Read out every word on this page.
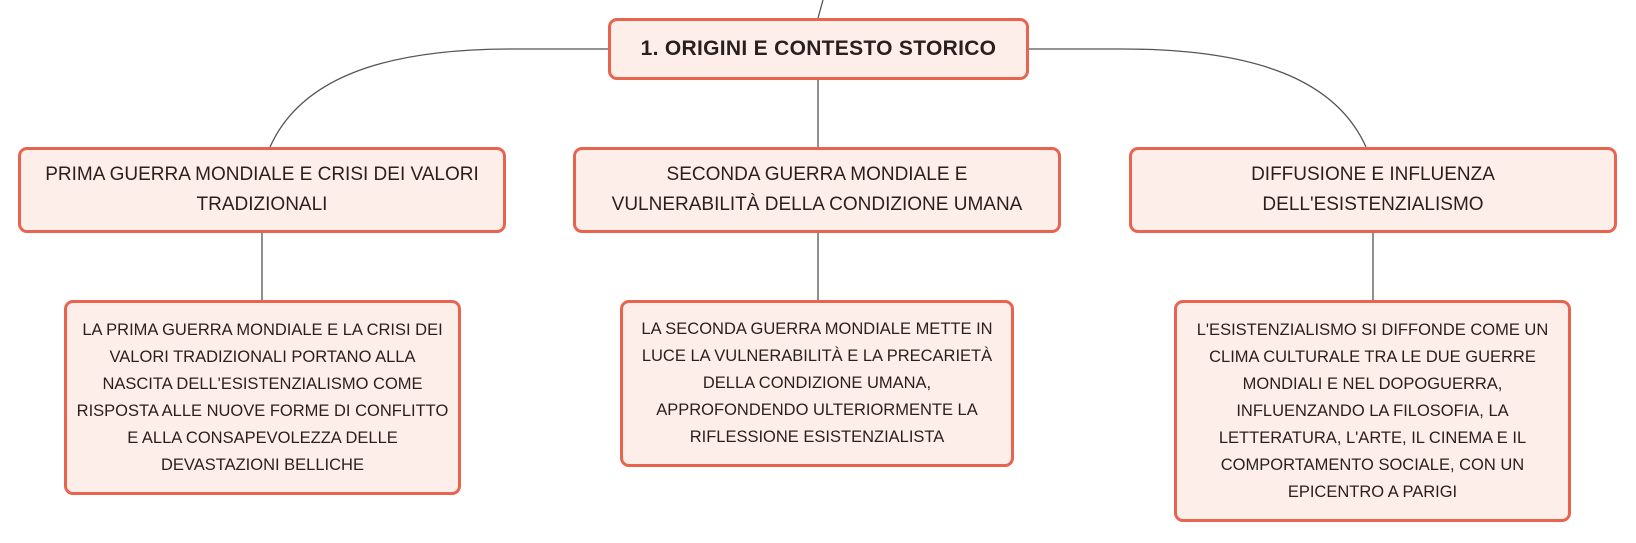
1. ORIGINI E CONTESTO STORICO
PRIMA GUERRA MONDIALE E CRISI DEI VALORI TRADIZIONALI
SECONDA GUERRA MONDIALE E VULNERABILITÀ DELLA CONDIZIONE UMANA
DIFFUSIONE E INFLUENZA DELL'ESISTENZIALISMO
LA PRIMA GUERRA MONDIALE E LA CRISI DEI VALORI TRADIZIONALI PORTANO ALLA NASCITA DELL'ESISTENZIALISMO COME RISPOSTA ALLE NUOVE FORME DI CONFLITTO E ALLA CONSAPEVOLEZZA DELLE DEVASTAZIONI BELLICHE
LA SECONDA GUERRA MONDIALE METTE IN LUCE LA VULNERABILITÀ E LA PRECARIETÀ DELLA CONDIZIONE UMANA, APPROFONDENDO ULTERIORMENTE LA RIFLESSIONE ESISTENZIALISTA
L'ESISTENZIALISMO SI DIFFONDE COME UN CLIMA CULTURALE TRA LE DUE GUERRE MONDIALI E NEL DOPOGUERRA, INFLUENZANDO LA FILOSOFIA, LA LETTERATURA, L'ARTE, IL CINEMA E IL COMPORTAMENTO SOCIALE, CON UN EPICENTRO A PARIGI
